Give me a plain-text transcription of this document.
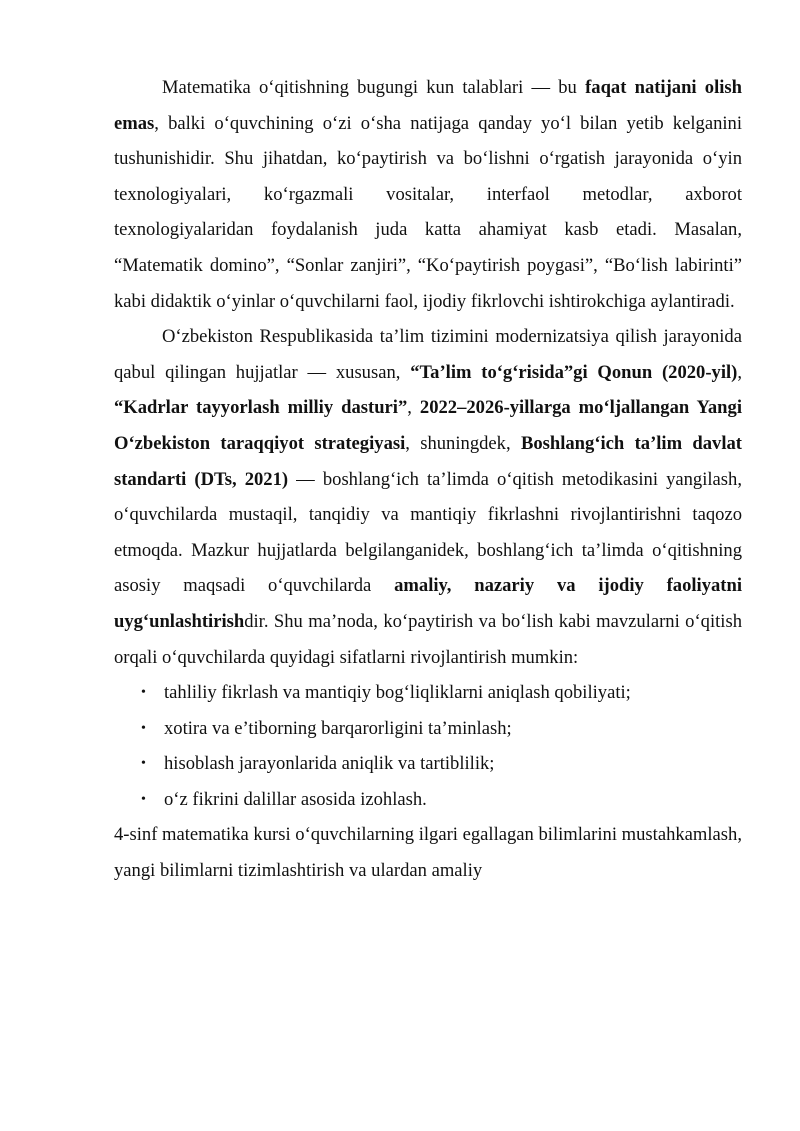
Matematika o‘qitishning bugungi kun talablari — bu faqat natijani olish emas, balki o‘quvchining o‘zi o‘sha natijaga qanday yo‘l bilan yetib kelganini tushunishidir. Shu jihatdan, ko‘paytirish va bo‘lishni o‘rgatish jarayonida o‘yin texnologiyalari, ko‘rgazmali vositalar, interfaol metodlar, axborot texnologiyalaridan foydalanish juda katta ahamiyat kasb etadi. Masalan, “Matematik domino”, “Sonlar zanjiri”, “Ko‘paytirish poygasi”, “Bo‘lish labirinti” kabi didaktik o‘yinlar o‘quvchilarni faol, ijodiy fikrlovchi ishtirokchiga aylantiradi.

O‘zbekiston Respublikasida ta’lim tizimini modernizatsiya qilish jarayonida qabul qilingan hujjatlar — xususan, “Ta’lim to‘g‘risida”gi Qonun (2020-yil), “Kadrlar tayyorlash milliy dasturi”, 2022–2026-yillarga mo‘ljallangan Yangi O‘zbekiston taraqqiyot strategiyasi, shuningdek, Boshlang‘ich ta’lim davlat standarti (DTs, 2021) — boshlang‘ich ta’limda o‘qitish metodikasini yangilash, o‘quvchilarda mustaqil, tanqidiy va mantiqiy fikrlashni rivojlantirishni taqozo etmoqda. Mazkur hujjatlarda belgilanganidek, boshlang‘ich ta’limda o‘qitishning asosiy maqsadi o‘quvchilarda amaliy, nazariy va ijodiy faoliyatni uyg‘unlashtirishdir. Shu ma’noda, ko‘paytirish va bo‘lish kabi mavzularni o‘qitish orqali o‘quvchilarda quyidagi sifatlarni rivojlantirish mumkin:

• tahliliy fikrlash va mantiqiy bog‘liqliklarni aniqlash qobiliyati;
• xotira va e’tiborning barqarorligini ta’minlash;
• hisoblash jarayonlarida aniqlik va tartiblilik;
• o‘z fikrini dalillar asosida izohlash.

4-sinf matematika kursi o‘quvchilarning ilgari egallagan bilimlarini mustahkamlash, yangi bilimlarni tizimlashtirish va ulardan amaliy
